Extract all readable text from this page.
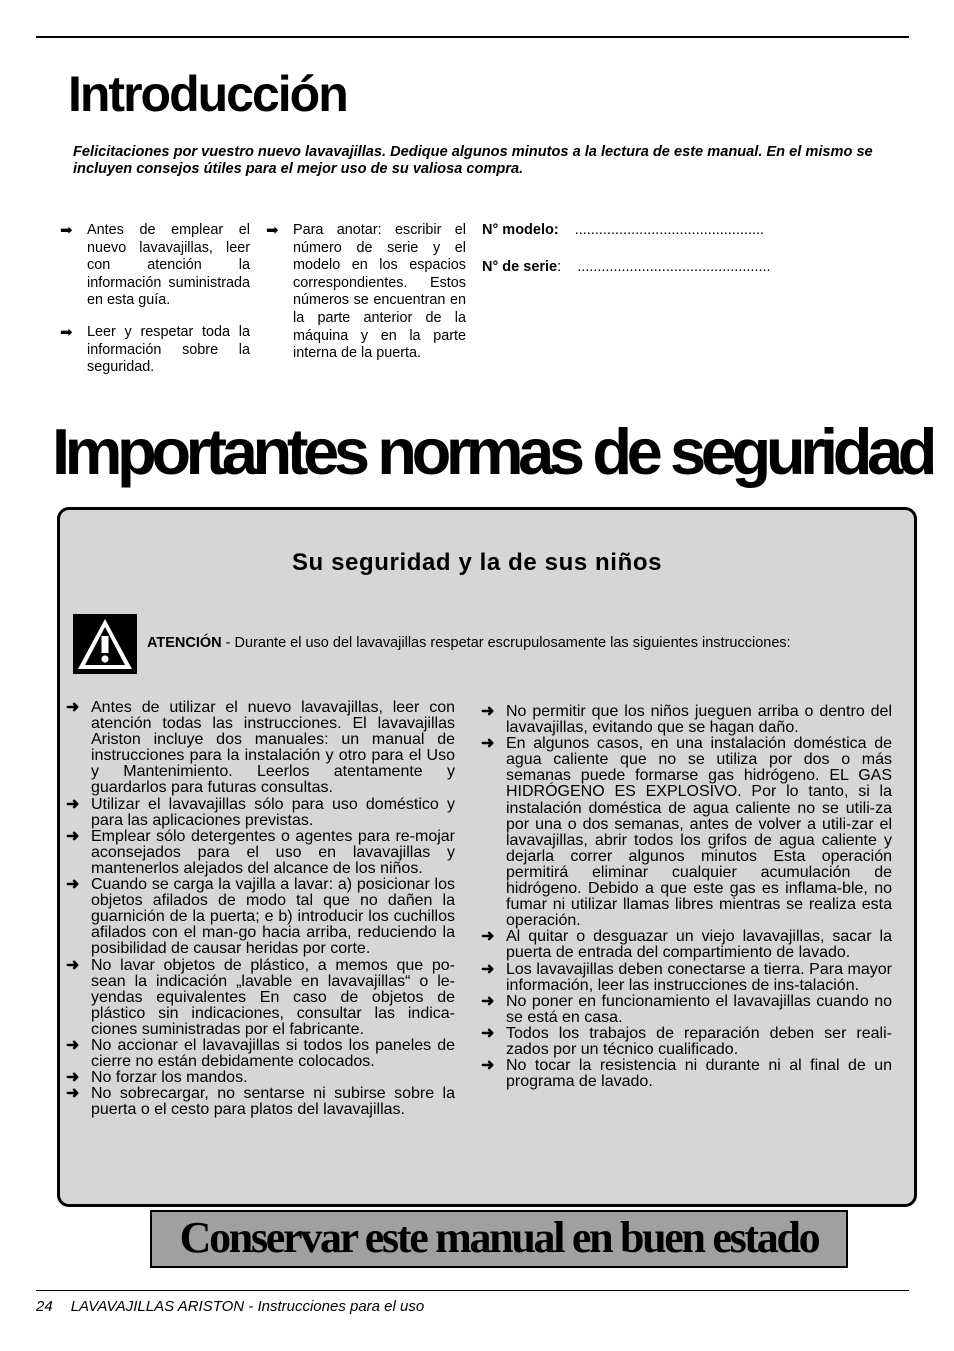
Introducción

Felicitaciones por vuestro nuevo lavavajillas. Dedique algunos minutos a la lectura de este manual. En el mismo se incluyen consejos útiles para el mejor uso de su valiosa compra.

➡ Antes de emplear el nuevo lavavajillas, leer con atención la información suministrada en esta guía.

➡ Leer y respetar toda la información sobre la seguridad.

➡ Para anotar: escribir el número de serie y el modelo en los espacios correspondientes. Estos números se encuentran en la parte anterior de la máquina y en la parte interna de la puerta.

N° modelo: ...............................................
N° de serie: ................................................
Importantes normas de seguridad
Su seguridad y la de sus niños
ATENCIÓN - Durante el uso del lavavajillas respetar escrupulosamente las siguientes instrucciones:

➜ Antes de utilizar el nuevo lavavajillas, leer con atención todas las instrucciones. El lavavajillas Ariston incluye dos manuales: un manual de instrucciones para la instalación y otro para el Uso y Mantenimiento. Leerlos atentamente y guardarlos para futuras consultas.

➜ Utilizar el lavavajillas sólo para uso doméstico y para las aplicaciones previstas.

➜ Emplear sólo detergentes o agentes para re-mojar aconsejados para el uso en lavavajillas y mantenerlos alejados del alcance de los niños.

➜ Cuando se carga la vajilla a lavar: a) posicionar los objetos afilados de modo tal que no dañen la guarnición de la puerta; e b) introducir los cuchillos afilados con el man-go hacia arriba, reduciendo la posibilidad de causar heridas por corte.

➜ No lavar objetos de plástico, a memos que po-sean la indicación „lavable en lavavajillas“ o le-yendas equivalentes En caso de objetos de plástico sin indicaciones, consultar las indica-ciones suministradas por el fabricante.

➜ No accionar el lavavajillas si todos los paneles de cierre no están debidamente colocados.

➜ No forzar los mandos.

➜ No sobrecargar, no sentarse ni subirse sobre la puerta o el cesto para platos del lavavajillas.

➜ No permitir que los niños jueguen arriba o dentro del lavavajillas, evitando que se hagan daño.

➜ En algunos casos, en una instalación doméstica de agua caliente que no se utiliza por dos o más semanas puede formarse gas hidrógeno. EL GAS HIDRÓGENO ES EXPLOSIVO. Por lo tanto, si la instalación doméstica de agua caliente no se utili-za por una o dos semanas, antes de volver a utili-zar el lavavajillas, abrir todos los grifos de agua caliente y dejarla correr algunos minutos Esta operación permitirá eliminar cualquier acumulación de hidrógeno. Debido a que este gas es inflama-ble, no fumar ni utilizar llamas libres mientras se realiza esta operación.

➜ Al quitar o desguazar un viejo lavavajillas, sacar la puerta de entrada del compartimiento de lavado.

➜ Los lavavajillas deben conectarse a tierra. Para mayor información, leer las instrucciones de ins-talación.

➜ No poner en funcionamiento el lavavajillas cuando no se está en casa.

➜ Todos los trabajos de reparación deben ser reali-zados por un técnico cualificado.

➜ No tocar la resistencia ni durante ni al final de un programa de lavado.

Conservar este manual en buen estado
24 LAVAVAJILLAS ARISTON - Instrucciones para el uso
